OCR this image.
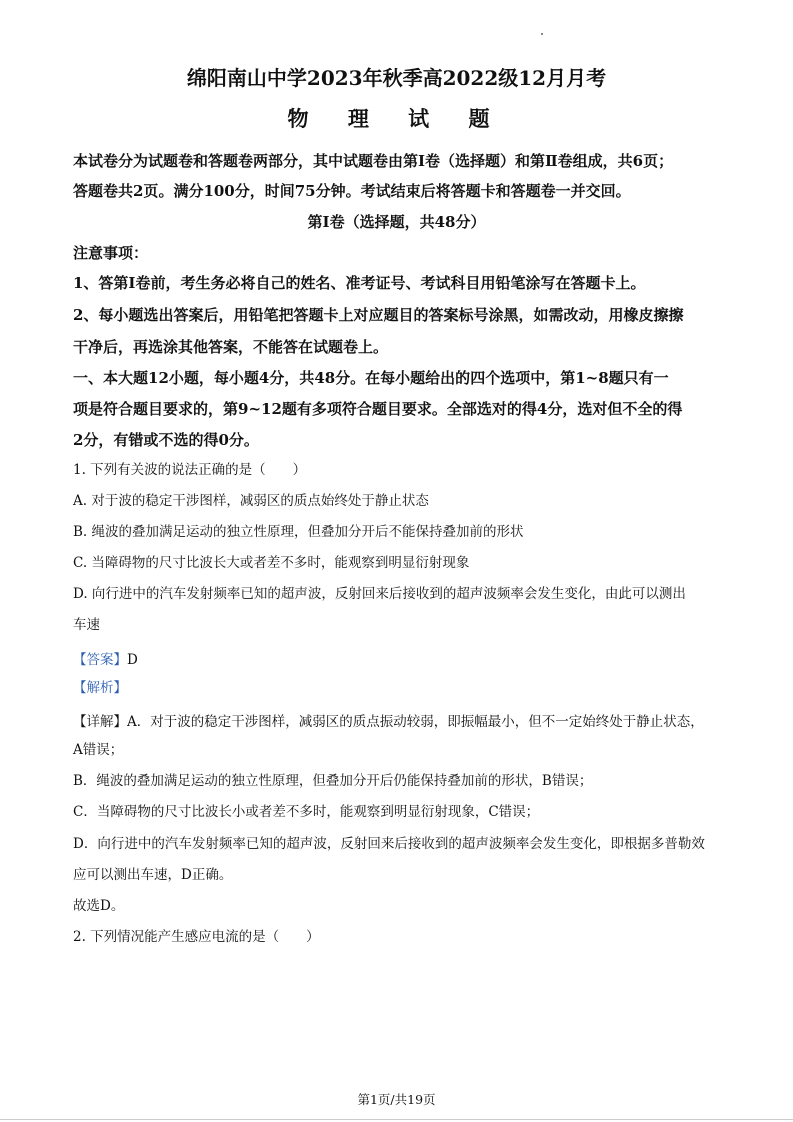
绵阳南山中学2023年秋季高2022级12月月考
物 理 试 题
本试卷分为试题卷和答题卷两部分，其中试题卷由第Ⅰ卷（选择题）和第Ⅱ卷组成，共6页；
答题卷共2页。满分100分，时间75分钟。考试结束后将答题卡和答题卷一并交回。
第Ⅰ卷（选择题，共48分）
注意事项：
1、答第Ⅰ卷前，考生务必将自己的姓名、准考证号、考试科目用铅笔涂写在答题卡上。
2、每小题选出答案后，用铅笔把答题卡上对应题目的答案标号涂黑，如需改动，用橡皮擦擦
干净后，再选涂其他答案，不能答在试题卷上。
一、本大题12小题，每小题4分，共48分。在每小题给出的四个选项中，第1~8题只有一
项是符合题目要求的，第9~12题有多项符合题目要求。全部选对的得4分，选对但不全的得
2分，有错或不选的得0分。
1. 下列有关波的说法正确的是（　　）
A. 对于波的稳定干涉图样，减弱区的质点始终处于静止状态
B. 绳波的叠加满足运动的独立性原理，但叠加分开后不能保持叠加前的形状
C. 当障碍物的尺寸比波长大或者差不多时，能观察到明显衍射现象
D. 向行进中的汽车发射频率已知的超声波，反射回来后接收到的超声波频率会发生变化，由此可以测出
车速
【答案】D
【解析】
【详解】A．对于波的稳定干涉图样，减弱区的质点振动较弱，即振幅最小，但不一定始终处于静止状态，
A错误；
B．绳波的叠加满足运动的独立性原理，但叠加分开后仍能保持叠加前的形状，B错误；
C．当障碍物的尺寸比波长小或者差不多时，能观察到明显衍射现象，C错误；
D．向行进中的汽车发射频率已知的超声波，反射回来后接收到的超声波频率会发生变化，即根据多普勒效
应可以测出车速，D正确。
故选D。
2. 下列情况能产生感应电流的是（　　）
第1页/共19页
